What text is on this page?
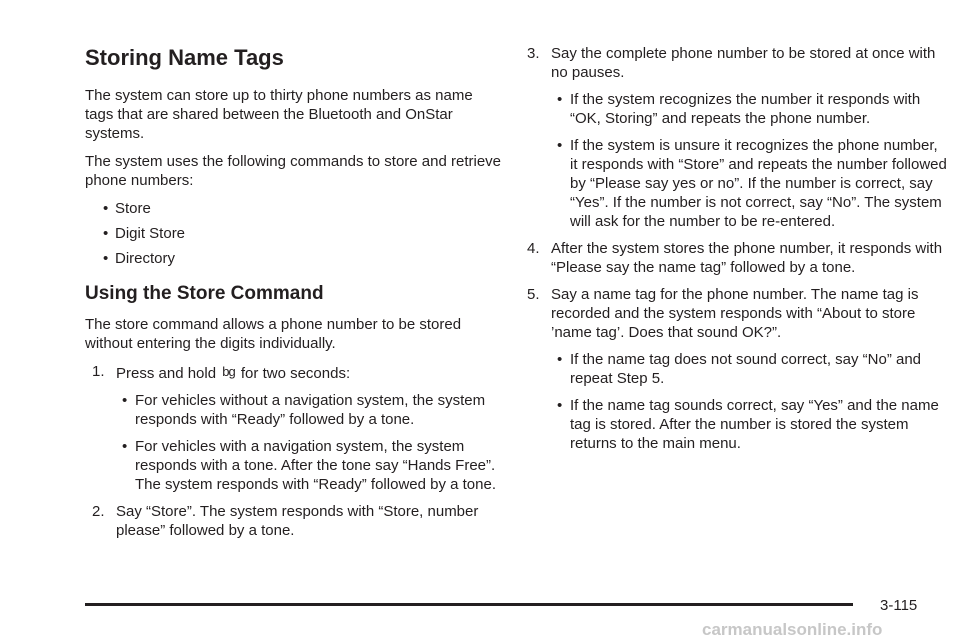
Storing Name Tags

The system can store up to thirty phone numbers as name tags that are shared between the Bluetooth and OnStar systems.

The system uses the following commands to store and retrieve phone numbers:

• Store
• Digit Store
• Directory
Using the Store Command

The store command allows a phone number to be stored without entering the digits individually.

1. Press and hold bg for two seconds:
• For vehicles without a navigation system, the system responds with “Ready” followed by a tone.
• For vehicles with a navigation system, the system responds with a tone. After the tone say “Hands Free”. The system responds with “Ready” followed by a tone.
2. Say “Store”. The system responds with “Store, number please” followed by a tone.
3. Say the complete phone number to be stored at once with no pauses.
• If the system recognizes the number it responds with “OK, Storing” and repeats the phone number.
• If the system is unsure it recognizes the phone number, it responds with “Store” and repeats the number followed by “Please say yes or no”. If the number is correct, say “Yes”. If the number is not correct, say “No”. The system will ask for the number to be re-entered.
4. After the system stores the phone number, it responds with “Please say the name tag” followed by a tone.
5. Say a name tag for the phone number. The name tag is recorded and the system responds with “About to store ’name tag’. Does that sound OK?”.
• If the name tag does not sound correct, say “No” and repeat Step 5.
• If the name tag sounds correct, say “Yes” and the name tag is stored. After the number is stored the system returns to the main menu.
3-115
carmanualsonline.info
